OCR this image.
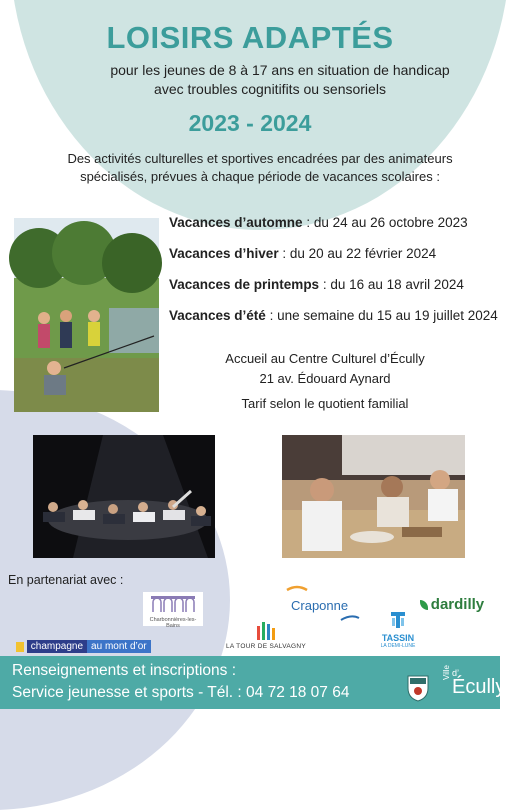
LOISIRS ADAPTÉS
pour les jeunes de 8 à 17 ans en situation de handicap
avec troubles cognitifits ou sensoriels
2023 - 2024
Des activités culturelles et sportives encadrées par des animateurs
spécialisés, prévues à chaque période de vacances scolaires :
Vacances d’automne : du 24 au 26 octobre 2023
Vacances d’hiver : du 20 au 22 février 2024
Vacances de printemps : du 16 au 18 avril 2024
Vacances d’été : une semaine du 15 au 19 juillet 2024
Accueil au Centre Culturel d’Écully
21 av. Édouard Aynard
Tarif selon le quotient familial
En partenariat avec :
Charbonnières-les-Bains
Craponne	dardilly
champagne au mont d’or	LA TOUR DE SALVAGNY
TASSIN
LA DEMI-LUNE
Renseignements et inscriptions :
Service jeunesse et sports - Tél. : 04 72 18 07 64
Ville d’
Écully
